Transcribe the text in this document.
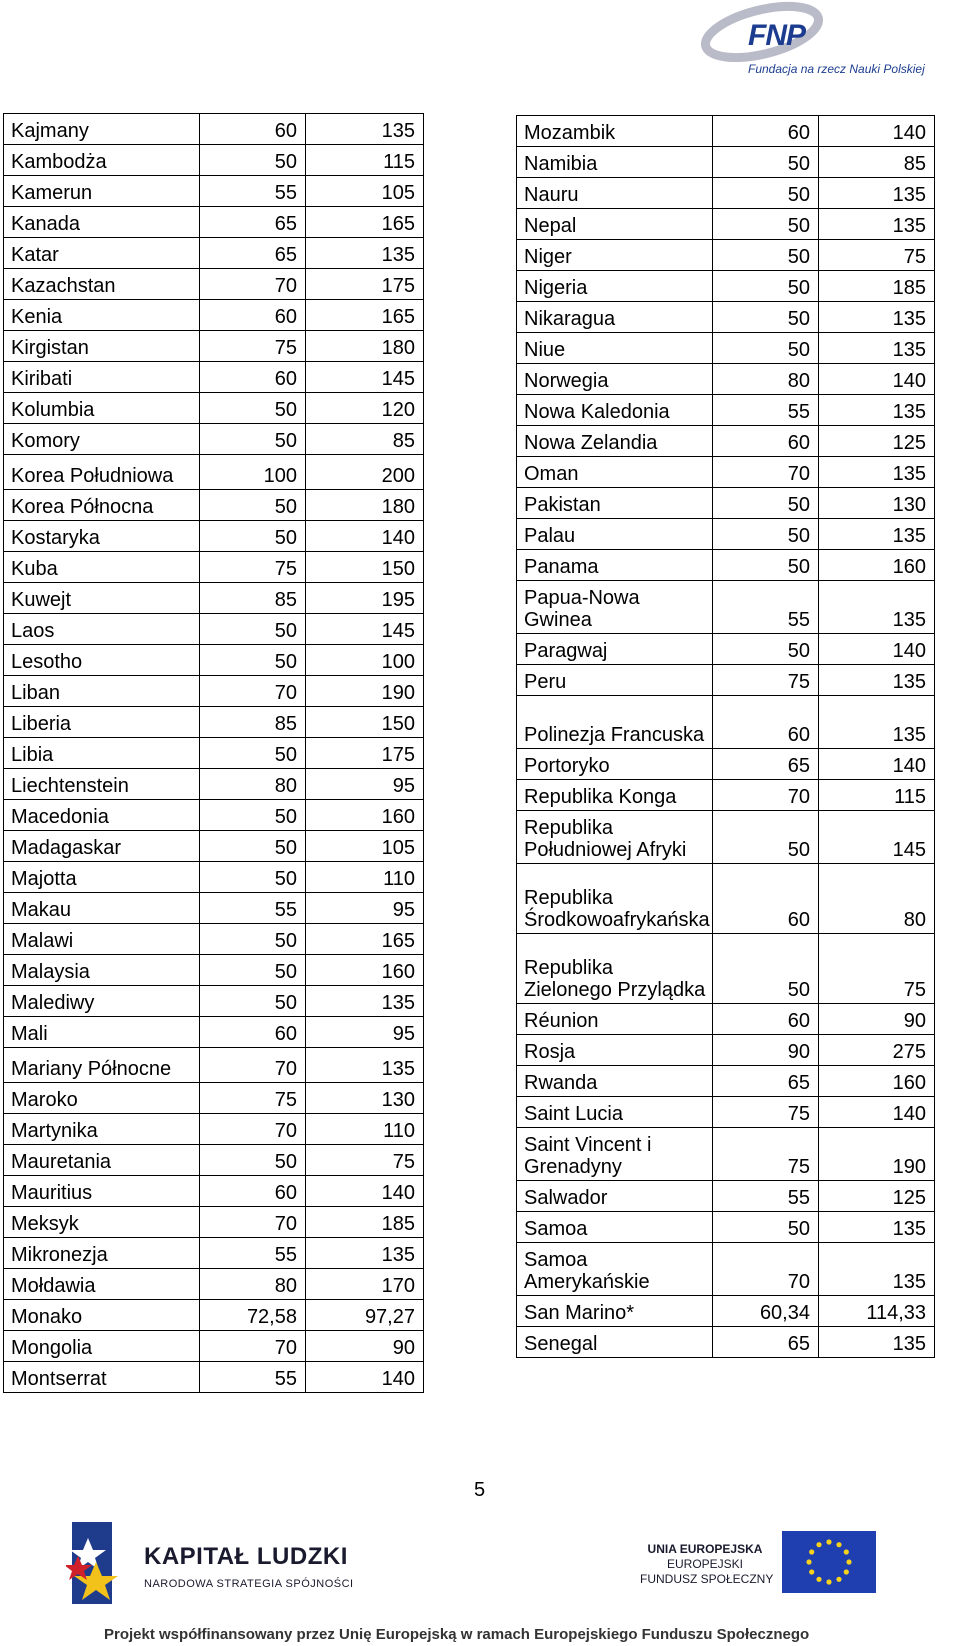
FNP
Fundacja na rzecz Nauki Polskiej
Kajmany	60	135
Kambodża	50	115
Kamerun	55	105
Kanada	65	165
Katar	65	135
Kazachstan	70	175
Kenia	60	165
Kirgistan	75	180
Kiribati	60	145
Kolumbia	50	120
Komory	50	85
Korea Południowa	100	200
Korea Północna	50	180
Kostaryka	50	140
Kuba	75	150
Kuwejt	85	195
Laos	50	145
Lesotho	50	100
Liban	70	190
Liberia	85	150
Libia	50	175
Liechtenstein	80	95
Macedonia	50	160
Madagaskar	50	105
Majotta	50	110
Makau	55	95
Malawi	50	165
Malaysia	50	160
Malediwy	50	135
Mali	60	95
Mariany Północne	70	135
Maroko	75	130
Martynika	70	110
Mauretania	50	75
Mauritius	60	140
Meksyk	70	185
Mikronezja	55	135
Mołdawia	80	170
Monako	72,58	97,27
Mongolia	70	90
Montserrat	55	140
Mozambik	60	140
Namibia	50	85
Nauru	50	135
Nepal	50	135
Niger	50	75
Nigeria	50	185
Nikaragua	50	135
Niue	50	135
Norwegia	80	140
Nowa Kaledonia	55	135
Nowa Zelandia	60	125
Oman	70	135
Pakistan	50	130
Palau	50	135
Panama	50	160
Papua-Nowa Gwinea	55	135
Paragwaj	50	140
Peru	75	135
Polinezja Francuska	60	135
Portoryko	65	140
Republika Konga	70	115
Republika Południowej Afryki	50	145
Republika Środkowoafrykańska	60	80
Republika Zielonego Przylądka	50	75
Réunion	60	90
Rosja	90	275
Rwanda	65	160
Saint Lucia	75	140
Saint Vincent i Grenadyny	75	190
Salwador	55	125
Samoa	50	135
Samoa Amerykańskie	70	135
San Marino*	60,34	114,33
Senegal	65	135
5
KAPITAŁ LUDZKI
NARODOWA STRATEGIA SPÓJNOŚCI
UNIA EUROPEJSKA
EUROPEJSKI
FUNDUSZ SPOŁECZNY
Projekt współfinansowany przez Unię Europejską w ramach Europejskiego Funduszu Społecznego
